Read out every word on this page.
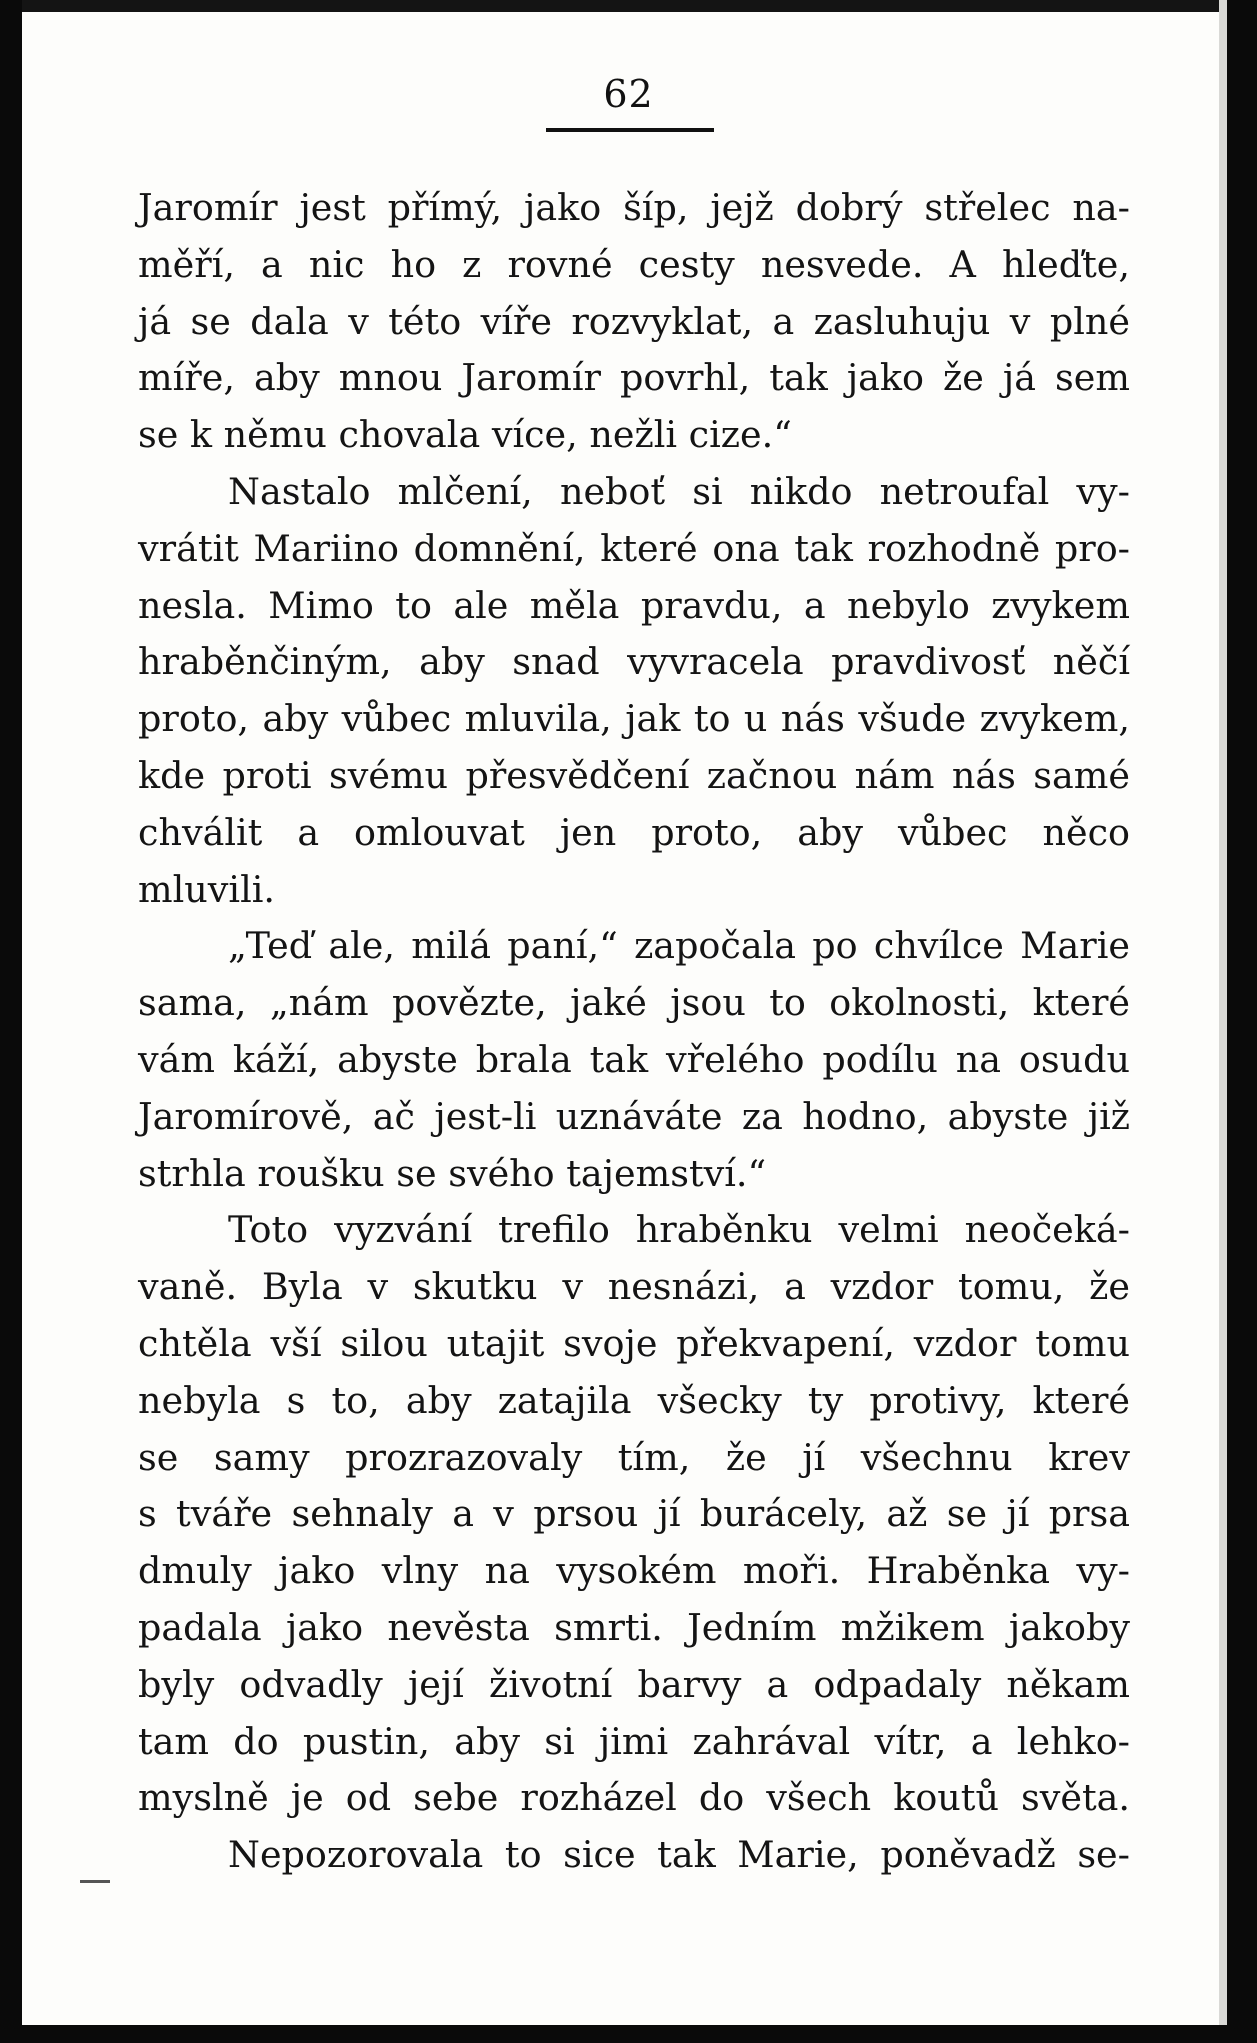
62
Jaromír jest přímý, jako šíp, jejž dobrý střelec na-
měří, a nic ho z rovné cesty nesvede. A hleďte,
já se dala v této víře rozvyklat, a zasluhuju v plné
míře, aby mnou Jaromír povrhl, tak jako že já sem
se k němu chovala více, nežli cize.“
Nastalo mlčení, neboť si nikdo netroufal vy-
vrátit Mariino domnění, které ona tak rozhodně pro-
nesla. Mimo to ale měla pravdu, a nebylo zvykem
hraběnčiným, aby snad vyvracela pravdivosť něčí
proto, aby vůbec mluvila, jak to u nás všude zvykem,
kde proti svému přesvědčení začnou nám nás samé
chválit a omlouvat jen proto, aby vůbec něco
mluvili.
„Teď ale, milá paní,“ započala po chvílce Marie
sama, „nám povězte, jaké jsou to okolnosti, které
vám káží, abyste brala tak vřelého podílu na osudu
Jaromírově, ač jest-li uznáváte za hodno, abyste již
strhla roušku se svého tajemství.“
Toto vyzvání trefilo hraběnku velmi neočeká-
vaně. Byla v skutku v nesnázi, a vzdor tomu, že
chtěla vší silou utajit svoje překvapení, vzdor tomu
nebyla s to, aby zatajila všecky ty protivy, které
se samy prozrazovaly tím, že jí všechnu krev
s tváře sehnaly a v prsou jí burácely, až se jí prsa
dmuly jako vlny na vysokém moři. Hraběnka vy-
padala jako nevěsta smrti. Jedním mžikem jakoby
byly odvadly její životní barvy a odpadaly někam
tam do pustin, aby si jimi zahrával vítr, a lehko-
myslně je od sebe rozházel do všech koutů světa.
Nepozorovala to sice tak Marie, poněvadž se-
